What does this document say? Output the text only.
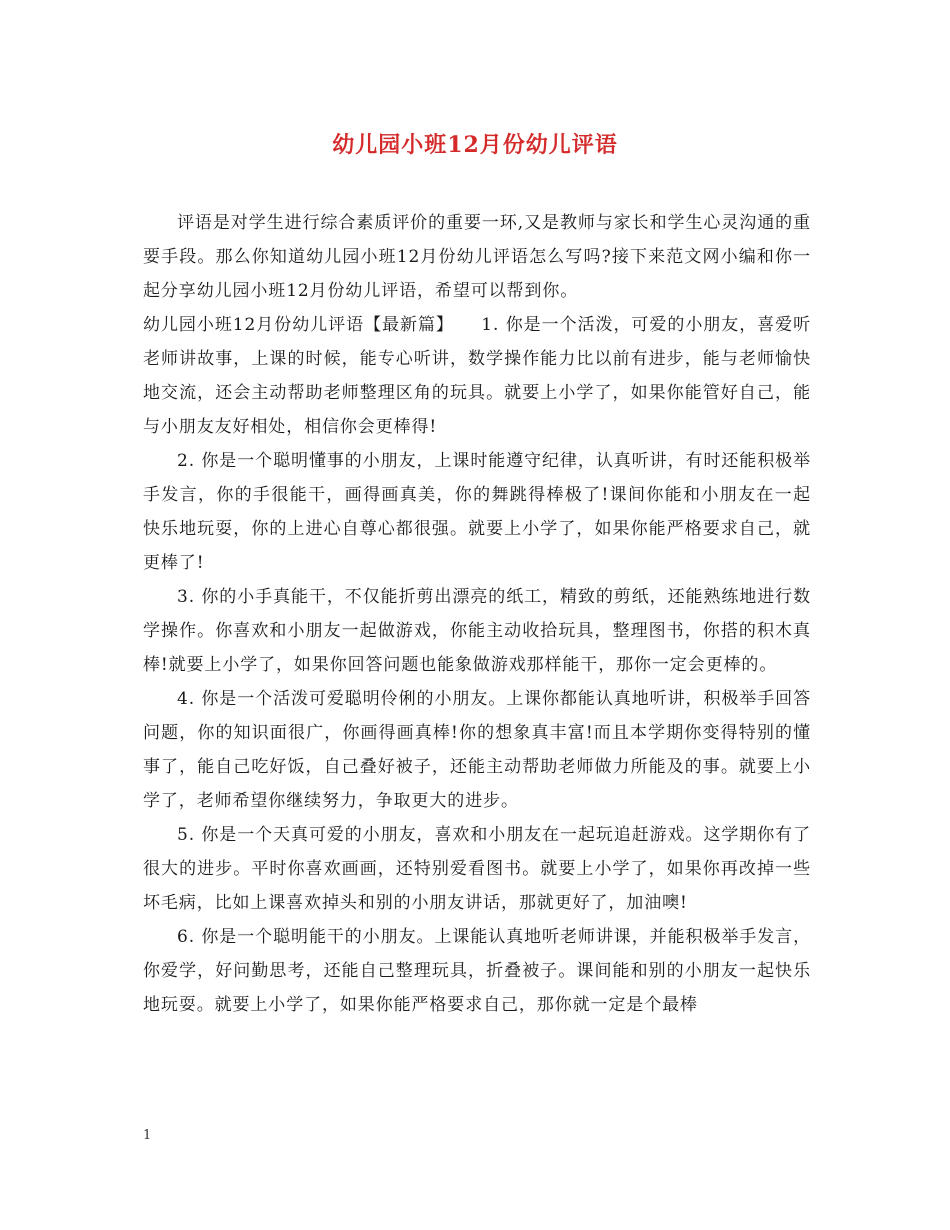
幼儿园小班12月份幼儿评语

评语是对学生进行综合素质评价的重要一环,又是教师与家长和学生心灵沟通的重要手段。那么你知道幼儿园小班12月份幼儿评语怎么写吗?接下来范文网小编和你一起分享幼儿园小班12月份幼儿评语，希望可以帮到你。

幼儿园小班12月份幼儿评语【最新篇】　　1. 你是一个活泼，可爱的小朋友，喜爱听老师讲故事，上课的时候，能专心听讲，数学操作能力比以前有进步，能与老师愉快地交流，还会主动帮助老师整理区角的玩具。就要上小学了，如果你能管好自己，能与小朋友友好相处，相信你会更棒得!

2. 你是一个聪明懂事的小朋友，上课时能遵守纪律，认真听讲，有时还能积极举手发言，你的手很能干，画得画真美，你的舞跳得棒极了!课间你能和小朋友在一起快乐地玩耍，你的上进心自尊心都很强。就要上小学了，如果你能严格要求自己，就更棒了!

3. 你的小手真能干，不仅能折剪出漂亮的纸工，精致的剪纸，还能熟练地进行数学操作。你喜欢和小朋友一起做游戏，你能主动收拾玩具，整理图书，你搭的积木真棒!就要上小学了，如果你回答问题也能象做游戏那样能干，那你一定会更棒的。

4. 你是一个活泼可爱聪明伶俐的小朋友。上课你都能认真地听讲，积极举手回答问题，你的知识面很广，你画得画真棒!你的想象真丰富!而且本学期你变得特别的懂事了，能自己吃好饭，自己叠好被子，还能主动帮助老师做力所能及的事。就要上小学了，老师希望你继续努力，争取更大的进步。

5. 你是一个天真可爱的小朋友，喜欢和小朋友在一起玩追赶游戏。这学期你有了很大的进步。平时你喜欢画画，还特别爱看图书。就要上小学了，如果你再改掉一些坏毛病，比如上课喜欢掉头和别的小朋友讲话，那就更好了，加油噢!

6. 你是一个聪明能干的小朋友。上课能认真地听老师讲课，并能积极举手发言，你爱学，好问勤思考，还能自己整理玩具，折叠被子。课间能和别的小朋友一起快乐地玩耍。就要上小学了，如果你能严格要求自己，那你就一定是个最棒

1
